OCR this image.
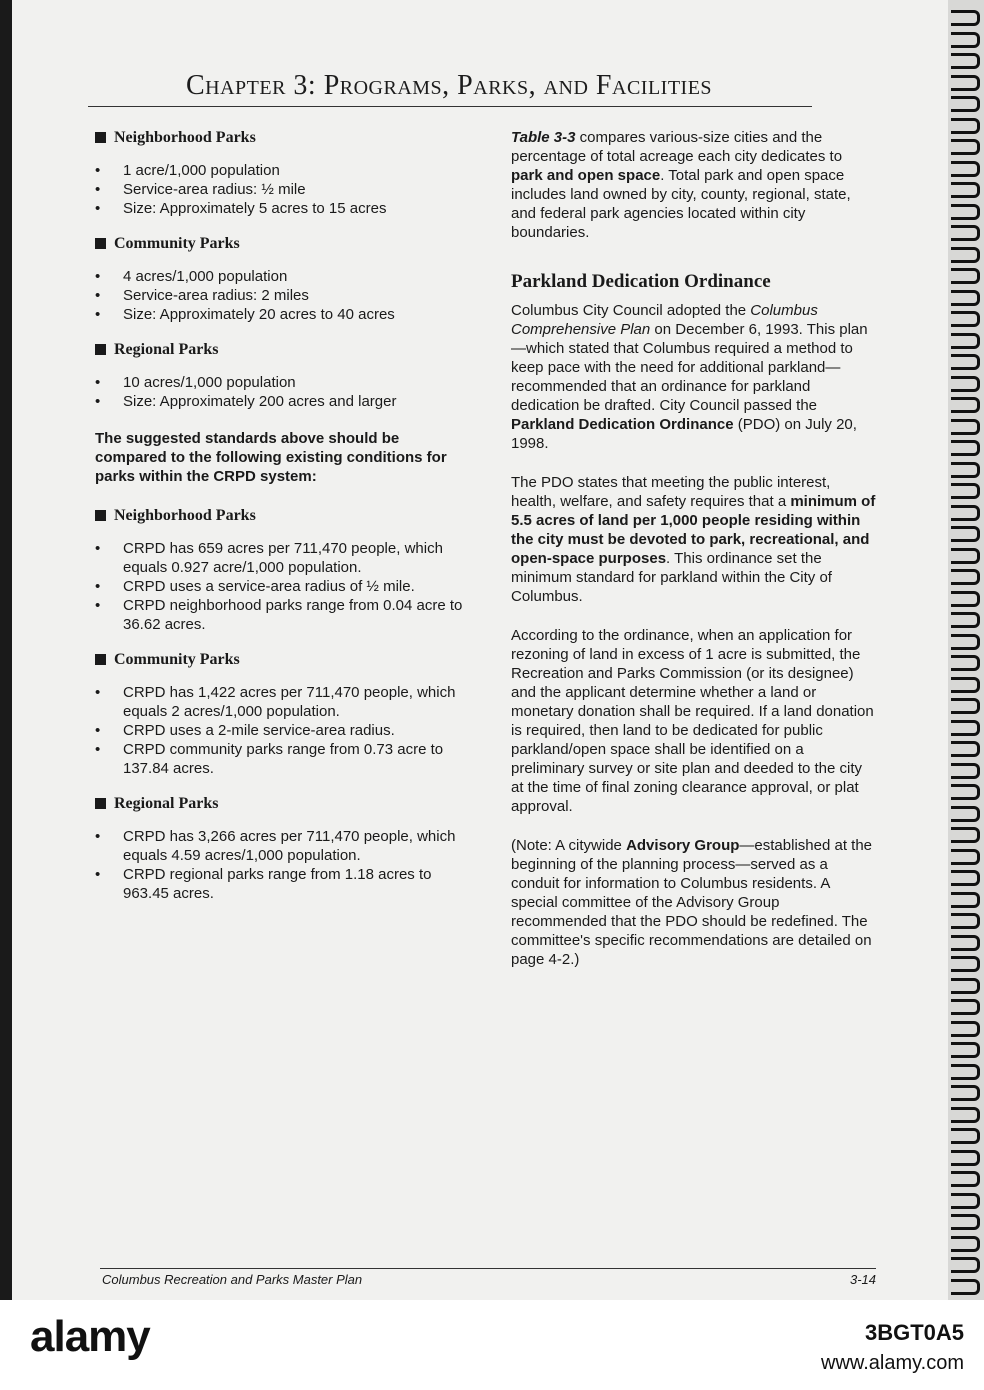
Chapter 3: Programs, Parks, and Facilities
Neighborhood Parks
• 1 acre/1,000 population
• Service-area radius: ½ mile
• Size: Approximately 5 acres to 15 acres
Community Parks
• 4 acres/1,000 population
• Service-area radius: 2 miles
• Size: Approximately 20 acres to 40 acres
Regional Parks
• 10 acres/1,000 population
• Size: Approximately 200 acres and larger
The suggested standards above should be compared to the following existing conditions for parks within the CRPD system:
Neighborhood Parks
• CRPD has 659 acres per 711,470 people, which equals 0.927 acre/1,000 population.
• CRPD uses a service-area radius of ½ mile.
• CRPD neighborhood parks range from 0.04 acre to 36.62 acres.
Community Parks
• CRPD has 1,422 acres per 711,470 people, which equals 2 acres/1,000 population.
• CRPD uses a 2-mile service-area radius.
• CRPD community parks range from 0.73 acre to 137.84 acres.
Regional Parks
• CRPD has 3,266 acres per 711,470 people, which equals 4.59 acres/1,000 population.
• CRPD regional parks range from 1.18 acres to 963.45 acres.
Table 3-3 compares various-size cities and the percentage of total acreage each city dedicates to park and open space. Total park and open space includes land owned by city, county, regional, state, and federal park agencies located within city boundaries.
Parkland Dedication Ordinance
Columbus City Council adopted the Columbus Comprehensive Plan on December 6, 1993. This plan—which stated that Columbus required a method to keep pace with the need for additional parkland—recommended that an ordinance for parkland dedication be drafted. City Council passed the Parkland Dedication Ordinance (PDO) on July 20, 1998.
The PDO states that meeting the public interest, health, welfare, and safety requires that a minimum of 5.5 acres of land per 1,000 people residing within the city must be devoted to park, recreational, and open-space purposes. This ordinance set the minimum standard for parkland within the City of Columbus.
According to the ordinance, when an application for rezoning of land in excess of 1 acre is submitted, the Recreation and Parks Commission (or its designee) and the applicant determine whether a land or monetary donation shall be required. If a land donation is required, then land to be dedicated for public parkland/open space shall be identified on a preliminary survey or site plan and deeded to the city at the time of final zoning clearance approval, or plat approval.
(Note: A citywide Advisory Group—established at the beginning of the planning process—served as a conduit for information to Columbus residents. A special committee of the Advisory Group recommended that the PDO should be redefined. The committee's specific recommendations are detailed on page 4-2.)
Columbus Recreation and Parks Master Plan	3-14
alamy	3BGT0A5
www.alamy.com
